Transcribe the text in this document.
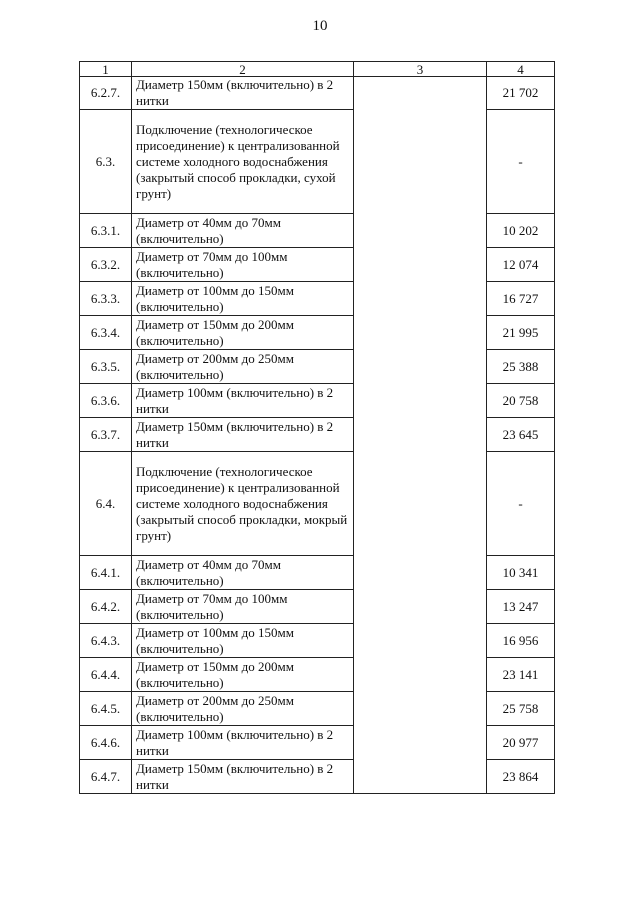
10
1	2	3	4
6.2.7.	Диаметр 150мм (включительно) в 2 нитки		21 702
6.3.	Подключение (технологическое присоединение) к централизованной системе холодного водоснабжения (закрытый способ прокладки, сухой грунт)		-
6.3.1.	Диаметр от 40мм до 70мм (включительно)		10 202
6.3.2.	Диаметр от 70мм до 100мм (включительно)		12 074
6.3.3.	Диаметр от 100мм до 150мм (включительно)		16 727
6.3.4.	Диаметр от 150мм до 200мм (включительно)		21 995
6.3.5.	Диаметр от 200мм до 250мм (включительно)		25 388
6.3.6.	Диаметр 100мм (включительно) в 2 нитки		20 758
6.3.7.	Диаметр 150мм (включительно) в 2 нитки		23 645
6.4.	Подключение (технологическое присоединение) к централизованной системе холодного водоснабжения (закрытый способ прокладки, мокрый грунт)		-
6.4.1.	Диаметр от 40мм до 70мм (включительно)		10 341
6.4.2.	Диаметр от 70мм до 100мм (включительно)		13 247
6.4.3.	Диаметр от 100мм до 150мм (включительно)		16 956
6.4.4.	Диаметр от 150мм до 200мм (включительно)		23 141
6.4.5.	Диаметр от 200мм до 250мм (включительно)		25 758
6.4.6.	Диаметр 100мм (включительно) в 2 нитки		20 977
6.4.7.	Диаметр 150мм (включительно) в 2 нитки		23 864
